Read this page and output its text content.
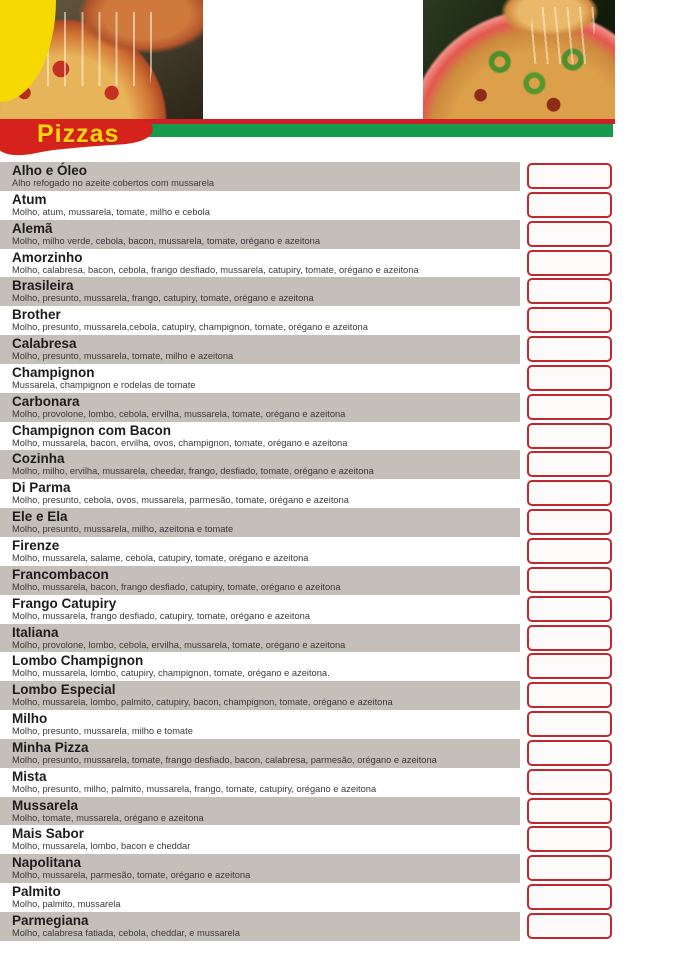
Pizzas
Alho e Óleo
Alho refogado no azeite cobertos com mussarela
Atum
Molho, atum, mussarela, tomate, milho e cebola
Alemã
Molho, milho verde, cebola, bacon, mussarela, tomate, orégano e azeitona
Amorzinho
Molho, calabresa, bacon, cebola, frango desfiado, mussarela, catupiry, tomate, orégano e azeitona
Brasileira
Molho, presunto, mussarela, frango, catupiry, tomate, orégano e azeitona
Brother
Molho, presunto, mussarela,cebola, catupiry, champignon, tomate, orégano e azeitona
Calabresa
Molho, presunto, mussarela, tomate, milho e azeitona
Champignon
Mussarela, champignon e rodelas de tomate
Carbonara
Molho, provolone, lombo, cebola, ervilha, mussarela, tomate, orégano e azeitona
Champignon com Bacon
Molho, mussarela, bacon, ervilha, ovos, champignon, tomate, orégano e azeitona
Cozinha
Molho, milho, ervilha, mussarela, cheedar, frango, desfiado, tomate, orégano e azeitona
Di Parma
Molho, presunto, cebola, ovos, mussarela, parmesão, tomate, orégano e azeitona
Ele e Ela
Molho, presunto, mussarela, milho, azeitona e tomate
Firenze
Molho, mussarela, salame, cebola, catupiry, tomate, orégano e azeitona
Francombacon
Molho, mussarela, bacon, frango desfiado, catupiry, tomate, orégano e azeitona
Frango Catupiry
Molho, mussarela, frango desfiado, catupiry, tomate, orégano e azeitona
Italiana
Molho, provolone, lombo, cebola, ervilha, mussarela, tomate, orégano e azeitona
Lombo Champignon
Molho, mussarela, lombo, catupiry, champignon, tomate, orégano e azeitona.
Lombo Especial
Molho, mussarela, lombo, palmito, catupiry, bacon, champignon, tomate, orégano e azeitona
Milho
Molho, presunto, mussarela, milho e tomate
Minha Pizza
Molho, presunto, mussarela, tomate, frango desfiado, bacon, calabresa, parmesão, orégano e azeitona
Mista
Molho, presunto, milho, palmito, mussarela, frango, tomate, catupiry, orégano e azeitona
Mussarela
Molho, tomate, mussarela, orégano e azeitona
Mais Sabor
Molho, mussarela, lombo, bacon e cheddar
Napolitana
Molho, mussarela, parmesão, tomate, orégano e azeitona
Palmito
Molho, palmito, mussarela
Parmegiana
Molho, calabresa fatiada, cebola, cheddar, e mussarela
